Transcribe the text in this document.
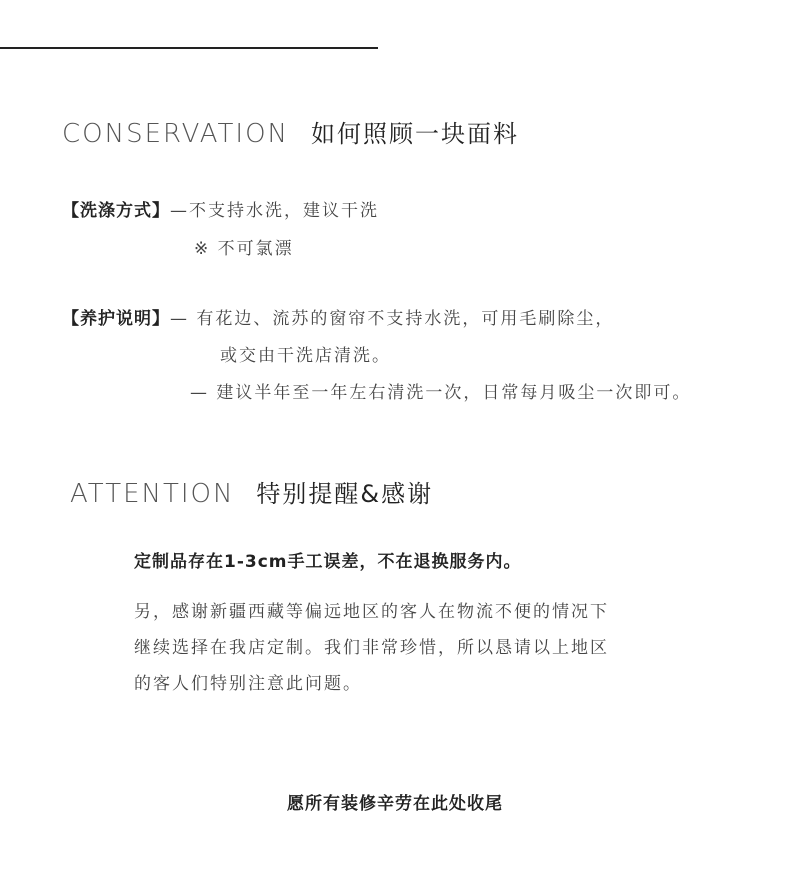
CONSERVATION 如何照顾一块面料
【洗涤方式】—不支持水洗，建议干洗
※ 不可氯漂
【养护说明】— 有花边、流苏的窗帘不支持水洗，可用毛刷除尘，
或交由干洗店清洗。
— 建议半年至一年左右清洗一次，日常每月吸尘一次即可。
ATTENTION 特别提醒&感谢
定制品存在1-3cm手工误差，不在退换服务内。
另，感谢新疆西藏等偏远地区的客人在物流不便的情况下
继续选择在我店定制。我们非常珍惜，所以恳请以上地区
的客人们特别注意此问题。
愿所有装修辛劳在此处收尾
